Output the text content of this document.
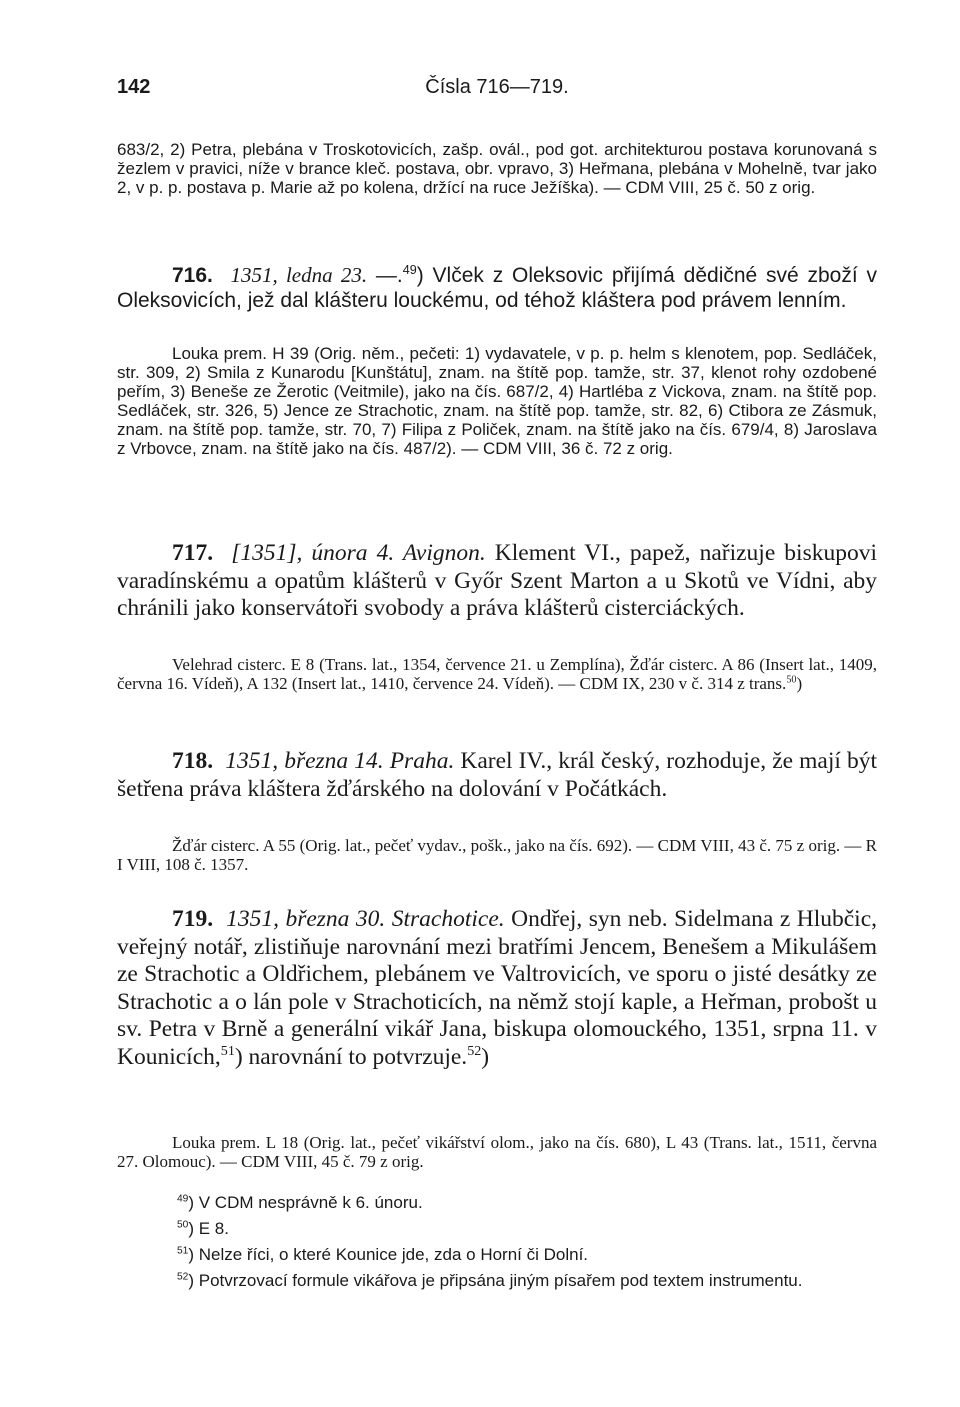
142	Čísla 716—719.
683/2, 2) Petra, plebána v Troskotovicích, zašp. ovál., pod got. architekturou postava korunovaná s žezlem v pravici, níže v brance kleč. postava, obr. vpravo, 3) Heřmana, plebána v Mohelně, tvar jako 2, v p. p. postava p. Marie až po kolena, držící na ruce Ježíška). — CDM VIII, 25 č. 50 z orig.
716. 1351, ledna 23. —.$^{49}$) Vlček z Oleksovic přijímá dědičné své zboží v Oleksovicích, jež dal klášteru louckému, od téhož kláštera pod právem lenním.
Louka prem. H 39 (Orig. něm., pečeti: 1) vydavatele, v p. p. helm s klenotem, pop. Sedláček, str. 309, 2) Smila z Kunarodu [Kunštátu], znam. na štítě pop. tamže, str. 37, klenot rohy ozdobené peřím, 3) Beneše ze Žerotic (Veitmile), jako na čís. 687/2, 4) Hartléba z Vickova, znam. na štítě pop. Sedláček, str. 326, 5) Jence ze Strachotic, znam. na štítě pop. tamže, str. 82, 6) Ctibora ze Zásmuk, znam. na štítě pop. tamže, str. 70, 7) Filipa z Poliček, znam. na štítě jako na čís. 679/4, 8) Jaroslava z Vrbovce, znam. na štítě jako na čís. 487/2). — CDM VIII, 36 č. 72 z orig.
717. [1351], února 4. Avignon. Klement VI., papež, nařizuje biskupovi varadínskému a opatům klášterů v Győr Szent Marton a u Skotů ve Vídni, aby chránili jako konservátoři svobody a práva klášterů cisterciáckých.
Velehrad cisterc. E 8 (Trans. lat., 1354, července 21. u Zemplína), Žďár cisterc. A 86 (Insert lat., 1409, června 16. Vídeň), A 132 (Insert lat., 1410, července 24. Vídeň). — CDM IX, 230 v č. 314 z trans.$^{50}$)
718. 1351, března 14. Praha. Karel IV., král český, rozhoduje, že mají být šetřena práva kláštera žďárského na dolování v Počátkách.
Žďár cisterc. A 55 (Orig. lat., pečeť vydav., pošk., jako na čís. 692). — CDM VIII, 43 č. 75 z orig. — R I VIII, 108 č. 1357.
719. 1351, března 30. Strachotice. Ondřej, syn neb. Sidelmana z Hlubčic, veřejný notář, zlistiňuje narovnání mezi bratřími Jencem, Benešem a Mikulášem ze Strachotic a Oldřichem, plebánem ve Valtrovicích, ve sporu o jisté desátky ze Strachotic a o lán pole v Strachoticích, na němž stojí kaple, a Heřman, probošt u sv. Petra v Brně a generální vikář Jana, biskupa olomouckého, 1351, srpna 11. v Kounicích,$^{51}$) narovnání to potvrzuje.$^{52}$)
Louka prem. L 18 (Orig. lat., pečeť vikářství olom., jako na čís. 680), L 43 (Trans. lat., 1511, června 27. Olomouc). — CDM VIII, 45 č. 79 z orig.
$^{49}$) V CDM nesprávně k 6. únoru.
$^{50}$) E 8.
$^{51}$) Nelze říci, o které Kounice jde, zda o Horní či Dolní.
$^{52}$) Potvrzovací formule vikářova je připsána jiným písařem pod textem instrumentu.
